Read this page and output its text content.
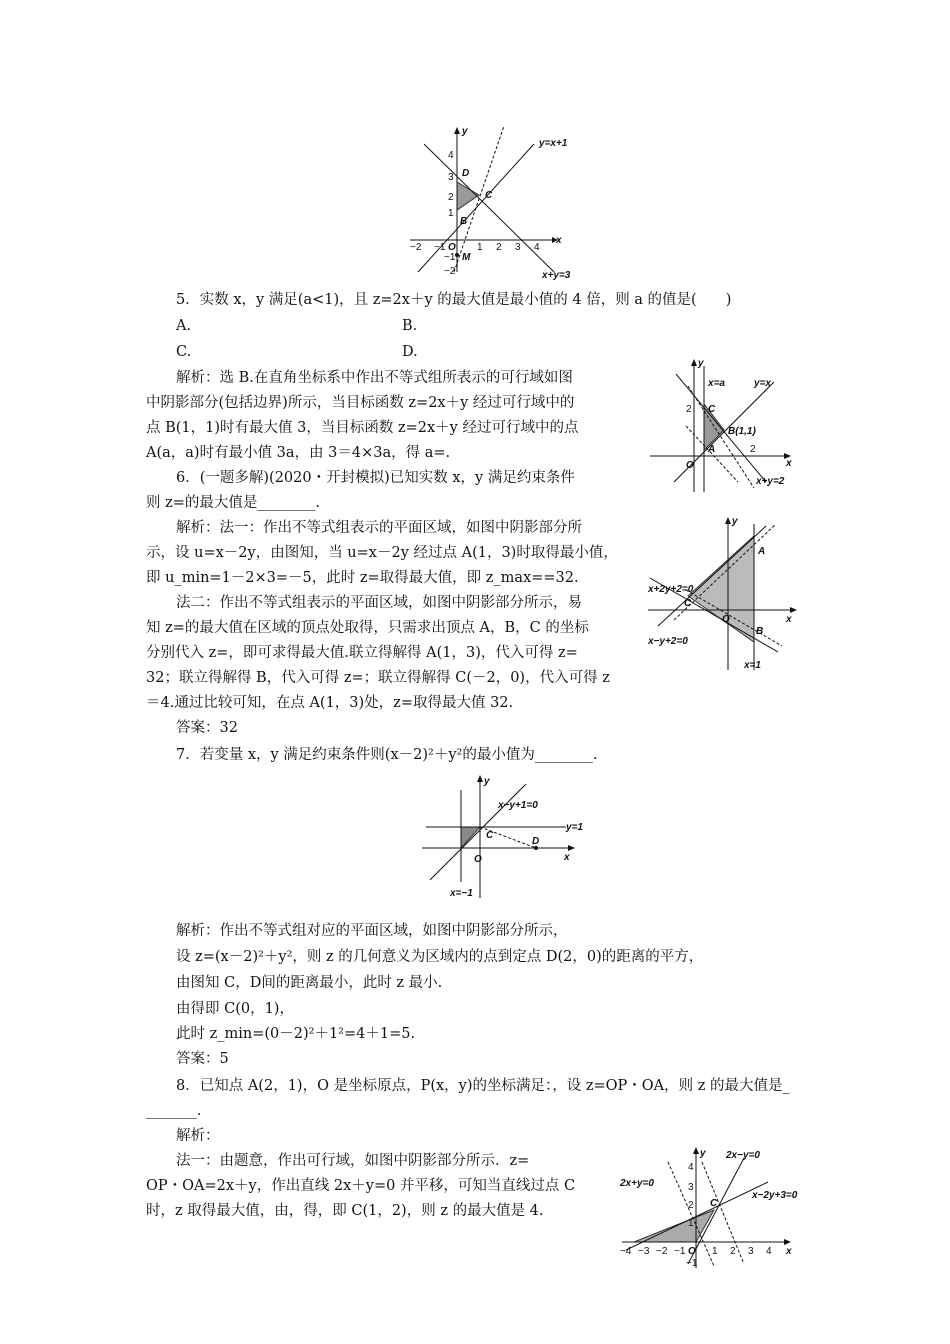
5．实数 x，y 满足(a<1)，且 z=2x＋y 的最大值是最小值的 4 倍，则 a 的值是(　　)
A.	B.
C.	D.
解析：选 B.在直角坐标系中作出不等式组所表示的可行域如图
中阴影部分(包括边界)所示，当目标函数 z=2x＋y 经过可行域中的
点 B(1，1)时有最大值 3，当目标函数 z=2x＋y 经过可行域中的点
A(a，a)时有最小值 3a，由 3＝4×3a，得 a=.
6．(一题多解)(2020・开封模拟)已知实数 x，y 满足约束条件
则 z=的最大值是________.
解析：法一：作出不等式组表示的平面区域，如图中阴影部分所
示，设 u=x－2y，由图知，当 u=x－2y 经过点 A(1，3)时取得最小值，
即 u_min=1－2×3=－5，此时 z=取得最大值，即 z_max==32.
法二：作出不等式组表示的平面区域，如图中阴影部分所示，易
知 z=的最大值在区域的顶点处取得，只需求出顶点 A，B，C 的坐标
分别代入 z=，即可求得最大值.联立得解得 A(1，3)，代入可得 z=
32；联立得解得 B，代入可得 z=；联立得解得 C(－2，0)，代入可得 z
＝4.通过比较可知，在点 A(1，3)处，z=取得最大值 32.
答案：32
7．若变量 x，y 满足约束条件则(x－2)²＋y²的最小值为________.
解析：作出不等式组对应的平面区域，如图中阴影部分所示，
设 z=(x－2)²＋y²，则 z 的几何意义为区域内的点到定点 D(2，0)的距离的平方，
由图知 C，D间的距离最小，此时 z 最小.
由得即 C(0，1)，
此时 z_min=(0－2)²＋1²=4＋1=5.
答案：5
8．已知点 A(2，1)，O 是坐标原点，P(x，y)的坐标满足：，设 z=OP・OA，则 z 的最大值是_
_______.
解析：
法一：由题意，作出可行域，如图中阴影部分所示．z=
OP・OA=2x＋y，作出直线 2x＋y=0 并平移，可知当直线过点 C
时，z 取得最大值，由，得，即 C(1，2)，则 z 的最大值是 4.
y
x
y=x+1
x+y=3
D
C
B
M
O
4
3
2
1
−1
−2
−2 −1	1 2 3 4
y
x
x=a	y=x
x+y=2
C
B(1,1)
A
O
2
2
y
x
x+2y+2=0
x−y+2=0
x=1
A
B
C
O
y
x
x−y+1=0
y=1
x=−1
C
D
O
y
x
2x−y=0
2x+y=0
x−2y+3=0
C
4
3
2
1
−1
−4 −3 −2 −1 O 1 2 3 4
